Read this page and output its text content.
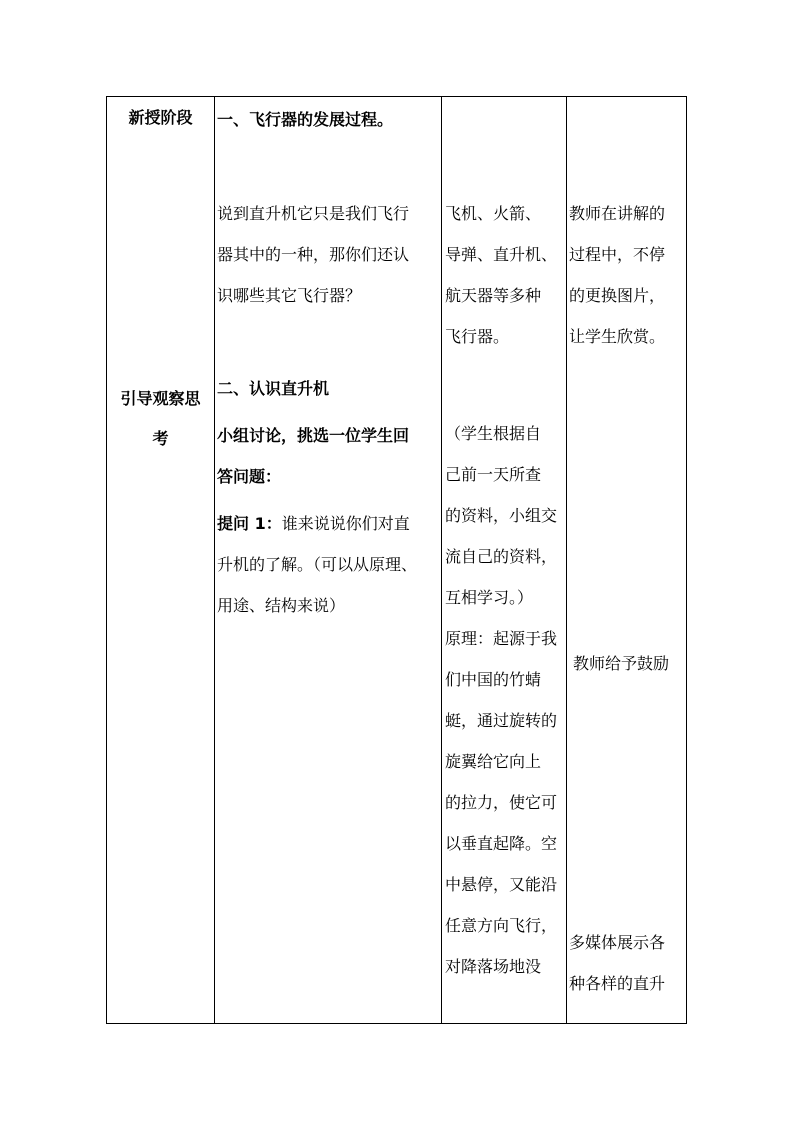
新授阶段
引导观察思
考
一、飞行器的发展过程。
说到直升机它只是我们飞行
器其中的一种，那你们还认
识哪些其它飞行器？
二、认识直升机
小组讨论，挑选一位学生回
答问题：
提问 1：谁来说说你们对直
升机的了解。（可以从原理、
用途、结构来说）
飞机、火箭、
导弹、直升机、
航天器等多种
飞行器。
（学生根据自
己前一天所查
的资料，小组交
流自己的资料，
互相学习。）
原理：起源于我
们中国的竹蜻
蜓，通过旋转的
旋翼给它向上
的拉力，使它可
以垂直起降。空
中悬停，又能沿
任意方向飞行，
对降落场地没
教师在讲解的
过程中，不停
的更换图片，
让学生欣赏。
教师给予鼓励
多媒体展示各
种各样的直升
